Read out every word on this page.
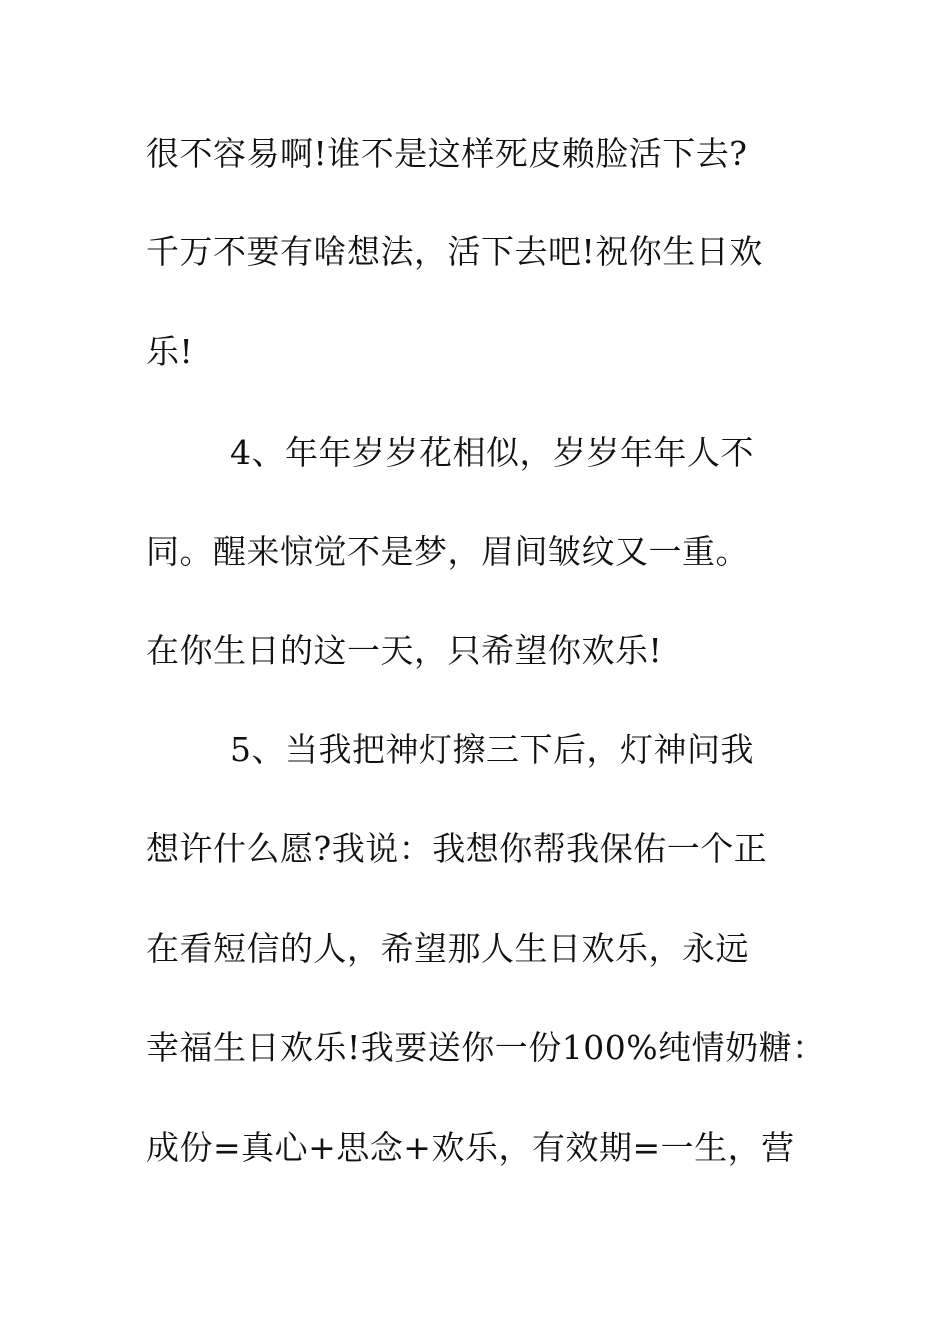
很不容易啊!谁不是这样死皮赖脸活下去?
千万不要有啥想法，活下去吧!祝你生日欢
乐!
4、年年岁岁花相似，岁岁年年人不
同。醒来惊觉不是梦，眉间皱纹又一重。
在你生日的这一天，只希望你欢乐!
5、当我把神灯擦三下后，灯神问我
想许什么愿?我说：我想你帮我保佑一个正
在看短信的人，希望那人生日欢乐，永远
幸福生日欢乐!我要送你一份100%纯情奶糖：
成份=真心+思念+欢乐，有效期=一生，营
